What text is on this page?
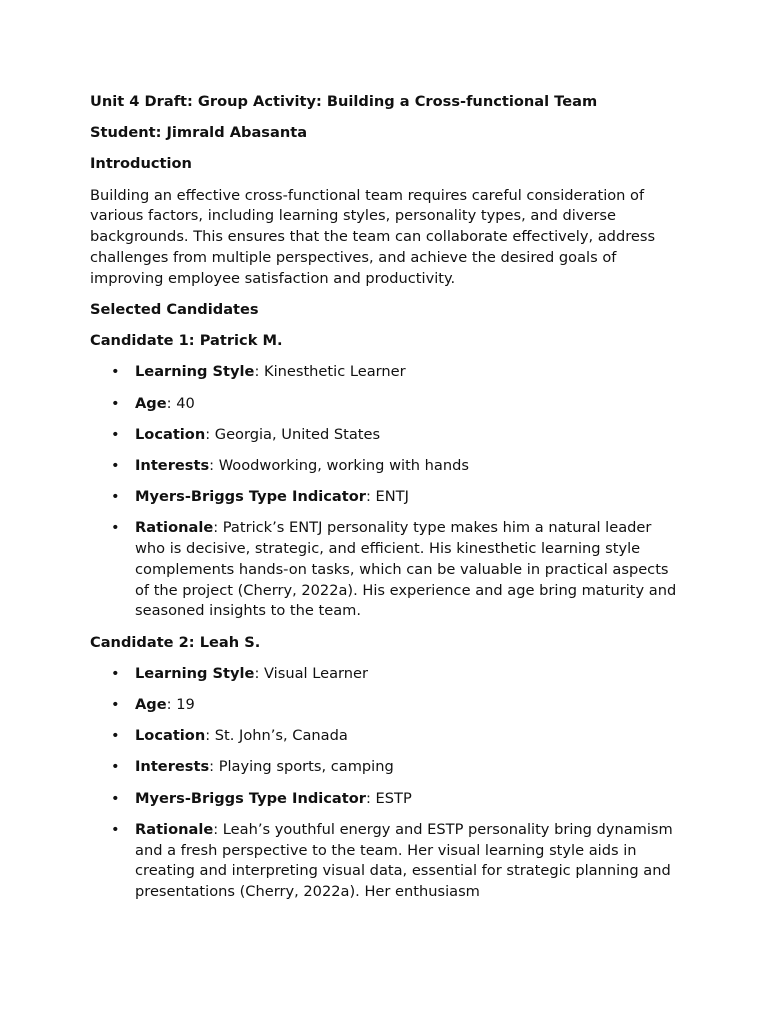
Unit 4 Draft: Group Activity: Building a Cross-functional Team
Student: Jimrald Abasanta
Introduction
Building an effective cross-functional team requires careful consideration of various factors, including learning styles, personality types, and diverse backgrounds. This ensures that the team can collaborate effectively, address challenges from multiple perspectives, and achieve the desired goals of improving employee satisfaction and productivity.
Selected Candidates
Candidate 1: Patrick M.
• Learning Style: Kinesthetic Learner
• Age: 40
• Location: Georgia, United States
• Interests: Woodworking, working with hands
• Myers-Briggs Type Indicator: ENTJ
• Rationale: Patrick’s ENTJ personality type makes him a natural leader who is decisive, strategic, and efficient. His kinesthetic learning style complements hands-on tasks, which can be valuable in practical aspects of the project (Cherry, 2022a). His experience and age bring maturity and seasoned insights to the team.
Candidate 2: Leah S.
• Learning Style: Visual Learner
• Age: 19
• Location: St. John’s, Canada
• Interests: Playing sports, camping
• Myers-Briggs Type Indicator: ESTP
• Rationale: Leah’s youthful energy and ESTP personality bring dynamism and a fresh perspective to the team. Her visual learning style aids in creating and interpreting visual data, essential for strategic planning and presentations (Cherry, 2022a). Her enthusiasm
